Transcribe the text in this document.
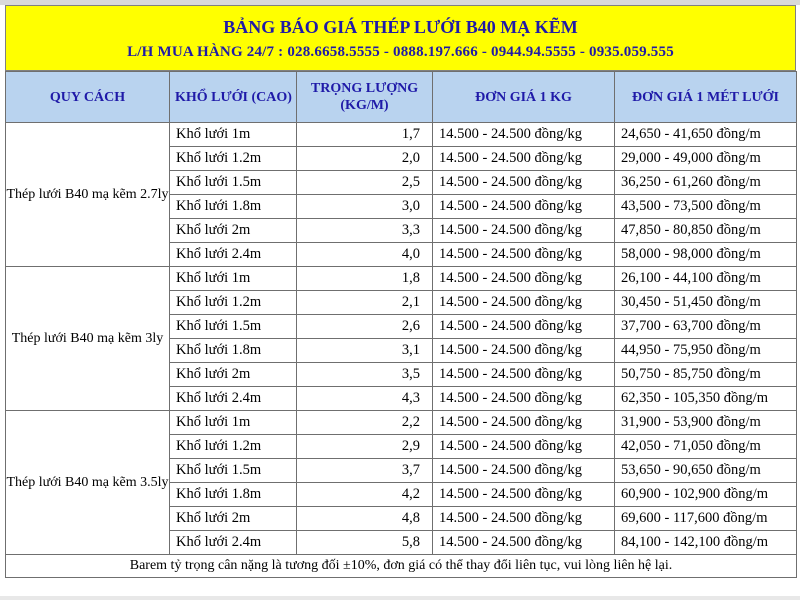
BẢNG BÁO GIÁ THÉP LƯỚI B40 MẠ KẼM
L/H MUA HÀNG 24/7 : 028.6658.5555 - 0888.197.666 - 0944.94.5555 - 0935.059.555
QUY CÁCH	KHỔ LƯỚI (CAO)	TRỌNG LƯỢNG (KG/M)	ĐƠN GIÁ 1 KG	ĐƠN GIÁ 1 MÉT LƯỚI
Thép lưới B40 mạ kẽm 2.7ly	Khổ lưới 1m	1,7	14.500 - 24.500 đồng/kg	24,650 - 41,650 đồng/m
	Khổ lưới 1.2m	2,0	14.500 - 24.500 đồng/kg	29,000 - 49,000 đồng/m
	Khổ lưới 1.5m	2,5	14.500 - 24.500 đồng/kg	36,250 - 61,260 đồng/m
	Khổ lưới 1.8m	3,0	14.500 - 24.500 đồng/kg	43,500 - 73,500 đồng/m
	Khổ lưới 2m	3,3	14.500 - 24.500 đồng/kg	47,850 - 80,850 đồng/m
	Khổ lưới 2.4m	4,0	14.500 - 24.500 đồng/kg	58,000 - 98,000 đồng/m
Thép lưới B40 mạ kẽm 3ly	Khổ lưới 1m	1,8	14.500 - 24.500 đồng/kg	26,100 - 44,100 đồng/m
	Khổ lưới 1.2m	2,1	14.500 - 24.500 đồng/kg	30,450 - 51,450 đồng/m
	Khổ lưới 1.5m	2,6	14.500 - 24.500 đồng/kg	37,700 - 63,700 đồng/m
	Khổ lưới 1.8m	3,1	14.500 - 24.500 đồng/kg	44,950 - 75,950 đồng/m
	Khổ lưới 2m	3,5	14.500 - 24.500 đồng/kg	50,750 - 85,750 đồng/m
	Khổ lưới 2.4m	4,3	14.500 - 24.500 đồng/kg	62,350 - 105,350 đồng/m
Thép lưới B40 mạ kẽm 3.5ly	Khổ lưới 1m	2,2	14.500 - 24.500 đồng/kg	31,900 - 53,900 đồng/m
	Khổ lưới 1.2m	2,9	14.500 - 24.500 đồng/kg	42,050 - 71,050 đồng/m
	Khổ lưới 1.5m	3,7	14.500 - 24.500 đồng/kg	53,650 - 90,650 đồng/m
	Khổ lưới 1.8m	4,2	14.500 - 24.500 đồng/kg	60,900 - 102,900 đồng/m
	Khổ lưới 2m	4,8	14.500 - 24.500 đồng/kg	69,600 - 117,600 đồng/m
	Khổ lưới 2.4m	5,8	14.500 - 24.500 đồng/kg	84,100 - 142,100 đồng/m
Barem tỷ trọng cân nặng là tương đối ±10%, đơn giá có thể thay đổi liên tục, vui lòng liên hệ lại.				
